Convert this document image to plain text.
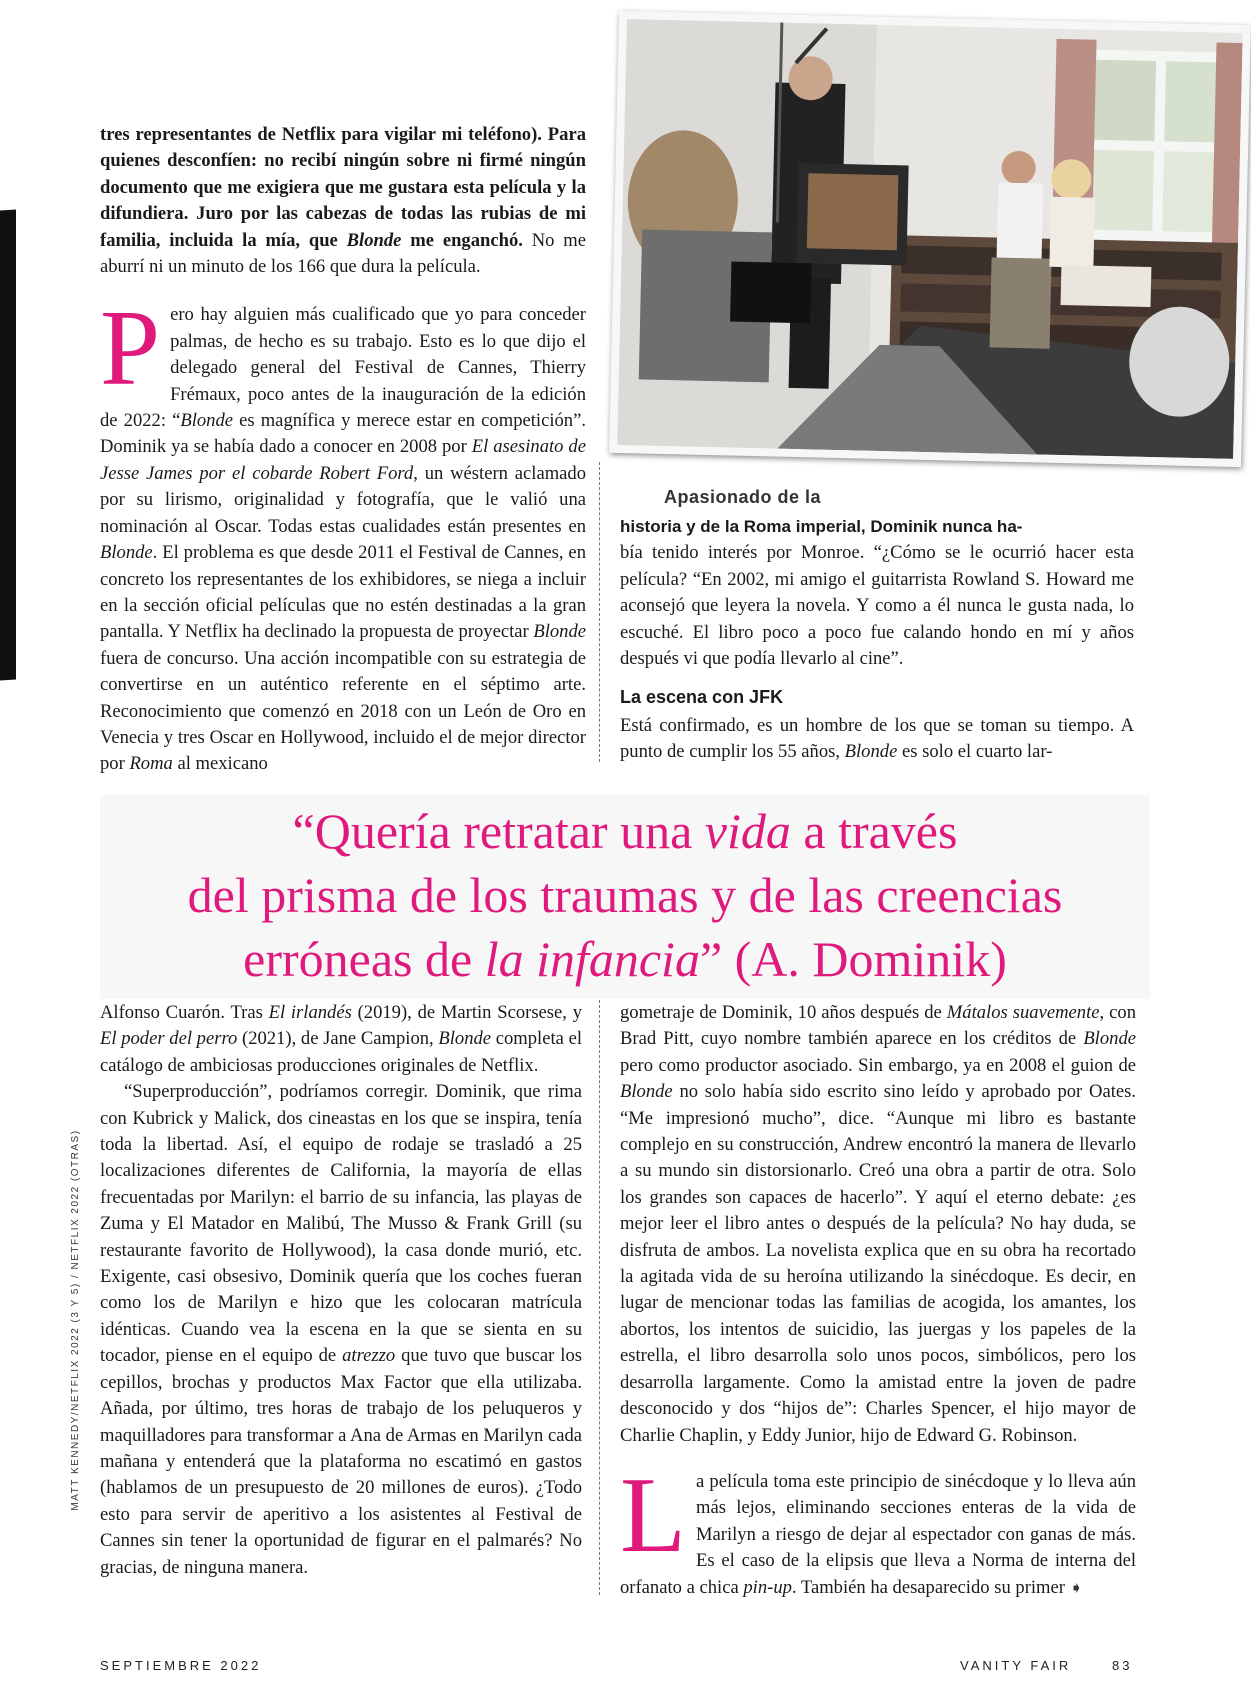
tres representantes de Netflix para vigilar mi teléfono). Para quienes desconfíen: no recibí ningún sobre ni firmé ningún documento que me exigiera que me gustara esta película y la difundiera. Juro por las cabezas de todas las rubias de mi familia, incluida la mía, que Blonde me enganchó. No me aburrí ni un minuto de los 166 que dura la película.

Pero hay alguien más cualificado que yo para conceder palmas, de hecho es su trabajo. Esto es lo que dijo el delegado general del Festival de Cannes, Thierry Frémaux, poco antes de la inauguración de la edición de 2022: “Blonde es magnífica y merece estar en competición”. Dominik ya se había dado a conocer en 2008 por El asesinato de Jesse James por el cobarde Robert Ford, un wéstern aclamado por su lirismo, originalidad y fotografía, que le valió una nominación al Oscar. Todas estas cualidades están presentes en Blonde. El problema es que desde 2011 el Festival de Cannes, en concreto los representantes de los exhibidores, se niega a incluir en la sección oficial películas que no estén destinadas a la gran pantalla. Y Netflix ha declinado la propuesta de proyectar Blonde fuera de concurso. Una acción incompatible con su estrategia de convertirse en un auténtico referente en el séptimo arte. Reconocimiento que comenzó en 2018 con un León de Oro en Venecia y tres Oscar en Hollywood, incluido el de mejor director por Roma al mexicano

Apasionado de la

historia y de la Roma imperial, Dominik nunca ha-

bía tenido interés por Monroe. “¿Cómo se le ocurrió hacer esta película? “En 2002, mi amigo el guitarrista Rowland S. Howard me aconsejó que leyera la novela. Y como a él nunca le gusta nada, lo escuché. El libro poco a poco fue calando hondo en mí y años después vi que podía llevarlo al cine”.

La escena con JFK

Está confirmado, es un hombre de los que se toman su tiempo. A punto de cumplir los 55 años, Blonde es solo el cuarto lar-

“Quería retratar una vida a través
del prisma de los traumas y de las creencias
erróneas de la infancia” (A. Dominik)

Alfonso Cuarón. Tras El irlandés (2019), de Martin Scorsese, y El poder del perro (2021), de Jane Campion, Blonde completa el catálogo de ambiciosas producciones originales de Netflix.

“Superproducción”, podríamos corregir. Dominik, que rima con Kubrick y Malick, dos cineastas en los que se inspira, tenía toda la libertad. Así, el equipo de rodaje se trasladó a 25 localizaciones diferentes de California, la mayoría de ellas frecuentadas por Marilyn: el barrio de su infancia, las playas de Zuma y El Matador en Malibú, The Musso & Frank Grill (su restaurante favorito de Hollywood), la casa donde murió, etc. Exigente, casi obsesivo, Dominik quería que los coches fueran como los de Marilyn e hizo que les colocaran matrícula idénticas. Cuando vea la escena en la que se sienta en su tocador, piense en el equipo de atrezzo que tuvo que buscar los cepillos, brochas y productos Max Factor que ella utilizaba. Añada, por último, tres horas de trabajo de los peluqueros y maquilladores para transformar a Ana de Armas en Marilyn cada mañana y entenderá que la plataforma no escatimó en gastos (hablamos de un presupuesto de 20 millones de euros). ¿Todo esto para servir de aperitivo a los asistentes al Festival de Cannes sin tener la oportunidad de figurar en el palmarés? No gracias, de ninguna manera.

gometraje de Dominik, 10 años después de Mátalos suavemente, con Brad Pitt, cuyo nombre también aparece en los créditos de Blonde pero como productor asociado. Sin embargo, ya en 2008 el guion de Blonde no solo había sido escrito sino leído y aprobado por Oates. “Me impresionó mucho”, dice. “Aunque mi libro es bastante complejo en su construcción, Andrew encontró la manera de llevarlo a su mundo sin distorsionarlo. Creó una obra a partir de otra. Solo los grandes son capaces de hacerlo”. Y aquí el eterno debate: ¿es mejor leer el libro antes o después de la película? No hay duda, se disfruta de ambos. La novelista explica que en su obra ha recortado la agitada vida de su heroína utilizando la sinécdoque. Es decir, en lugar de mencionar todas las familias de acogida, los amantes, los abortos, los intentos de suicidio, las juergas y los papeles de la estrella, el libro desarrolla solo unos pocos, simbólicos, pero los desarrolla largamente. Como la amistad entre la joven de padre desconocido y dos “hijos de”: Charles Spencer, el hijo mayor de Charlie Chaplin, y Eddy Junior, hijo de Edward G. Robinson.

La película toma este principio de sinécdoque y lo lleva aún más lejos, eliminando secciones enteras de la vida de Marilyn a riesgo de dejar al espectador con ganas de más. Es el caso de la elipsis que lleva a Norma de interna del orfanato a chica pin-up. También ha desaparecido su primer ➧

MATT KENNEDY/NETFLIX 2022 (3 Y 5) / NETFLIX 2022 (OTRAS)
SEPTIEMBRE 2022	VANITY FAIR	83
